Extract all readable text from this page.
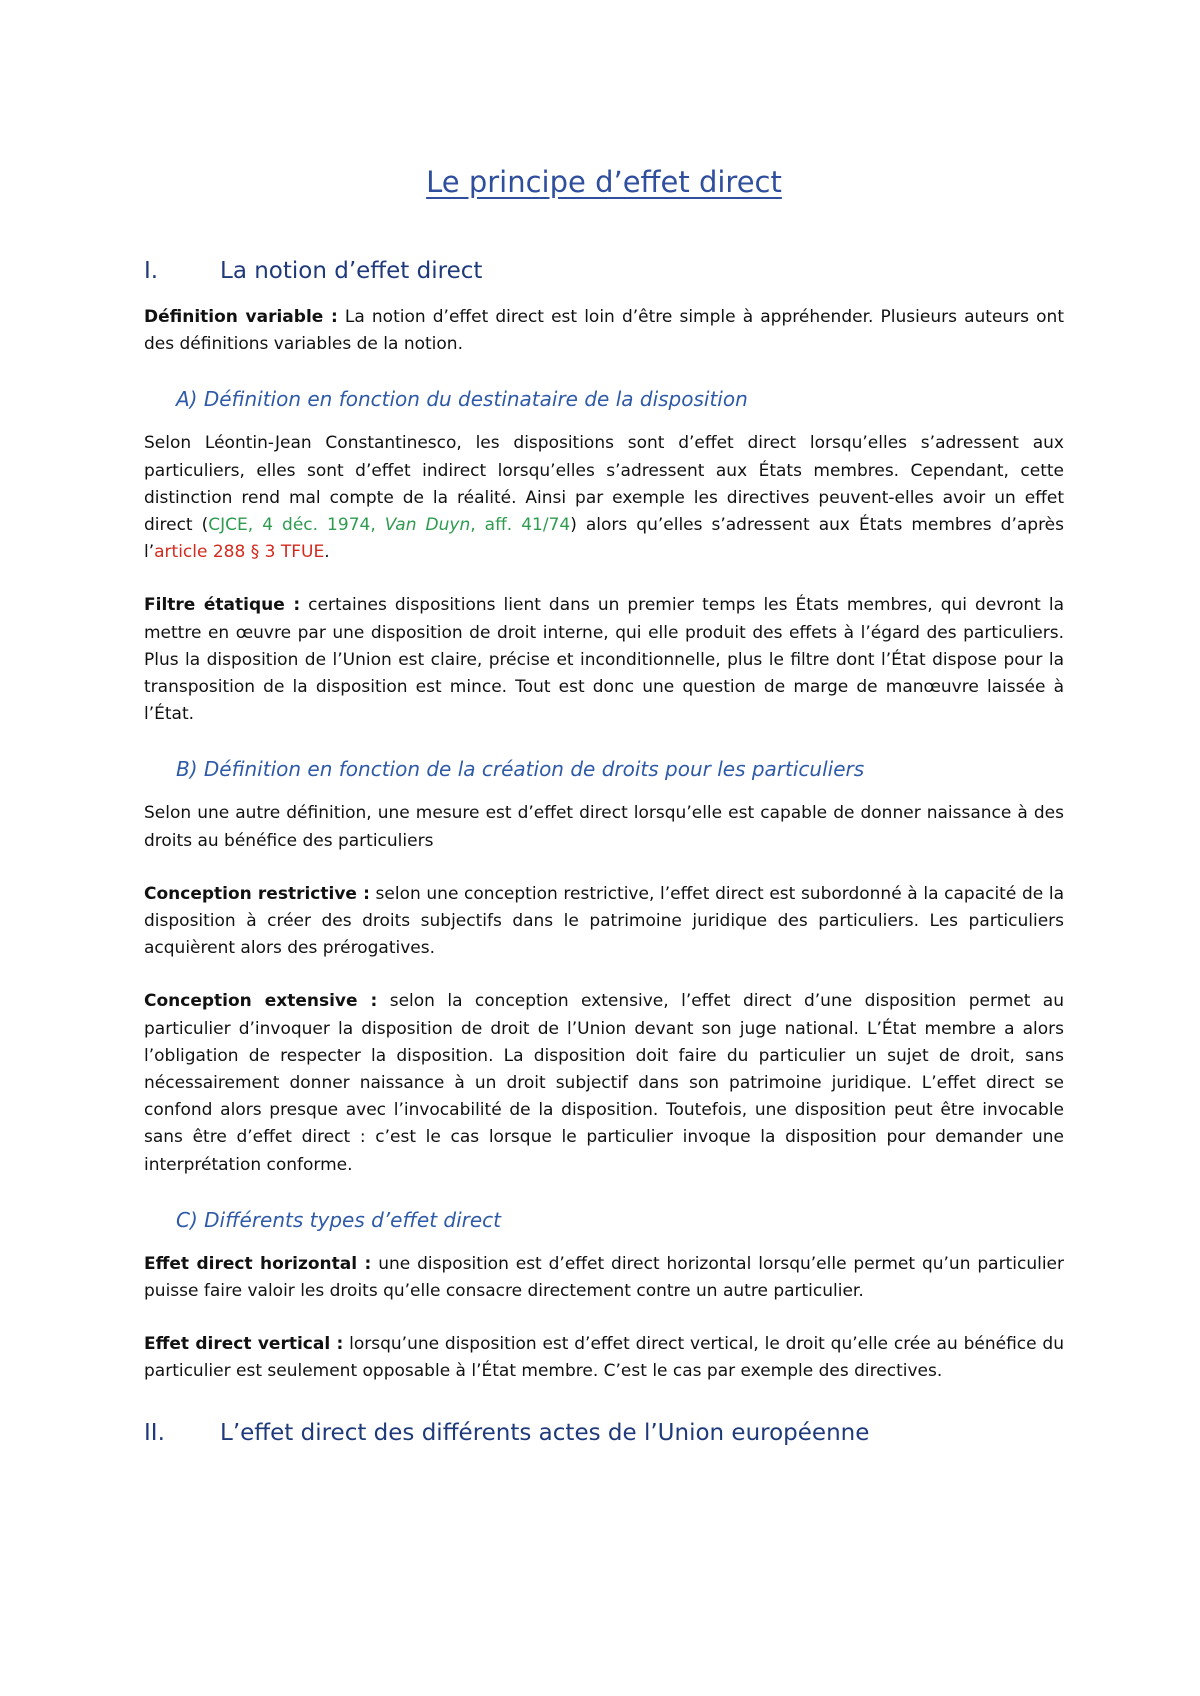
Le principe d’effet direct
I.	La notion d’effet direct

Définition variable : La notion d’effet direct est loin d’être simple à appréhender. Plusieurs auteurs ont des définitions variables de la notion.

A) Définition en fonction du destinataire de la disposition

Selon Léontin-Jean Constantinesco, les dispositions sont d’effet direct lorsqu’elles s’adressent aux particuliers, elles sont d’effet indirect lorsqu’elles s’adressent aux États membres. Cependant, cette distinction rend mal compte de la réalité. Ainsi par exemple les directives peuvent-elles avoir un effet direct (CJCE, 4 déc. 1974, Van Duyn, aff. 41/74) alors qu’elles s’adressent aux États membres d’après l’article 288 § 3 TFUE.

Filtre étatique : certaines dispositions lient dans un premier temps les États membres, qui devront la mettre en œuvre par une disposition de droit interne, qui elle produit des effets à l’égard des particuliers. Plus la disposition de l’Union est claire, précise et inconditionnelle, plus le filtre dont l’État dispose pour la transposition de la disposition est mince. Tout est donc une question de marge de manœuvre laissée à l’État.

B) Définition en fonction de la création de droits pour les particuliers

Selon une autre définition, une mesure est d’effet direct lorsqu’elle est capable de donner naissance à des droits au bénéfice des particuliers

Conception restrictive : selon une conception restrictive, l’effet direct est subordonné à la capacité de la disposition à créer des droits subjectifs dans le patrimoine juridique des particuliers. Les particuliers acquièrent alors des prérogatives.

Conception extensive : selon la conception extensive, l’effet direct d’une disposition permet au particulier d’invoquer la disposition de droit de l’Union devant son juge national. L’État membre a alors l’obligation de respecter la disposition. La disposition doit faire du particulier un sujet de droit, sans nécessairement donner naissance à un droit subjectif dans son patrimoine juridique. L’effet direct se confond alors presque avec l’invocabilité de la disposition. Toutefois, une disposition peut être invocable sans être d’effet direct : c’est le cas lorsque le particulier invoque la disposition pour demander une interprétation conforme.

C) Différents types d’effet direct

Effet direct horizontal : une disposition est d’effet direct horizontal lorsqu’elle permet qu’un particulier puisse faire valoir les droits qu’elle consacre directement contre un autre particulier.

Effet direct vertical : lorsqu’une disposition est d’effet direct vertical, le droit qu’elle crée au bénéfice du particulier est seulement opposable à l’État membre. C’est le cas par exemple des directives.

II.	L’effet direct des différents actes de l’Union européenne
